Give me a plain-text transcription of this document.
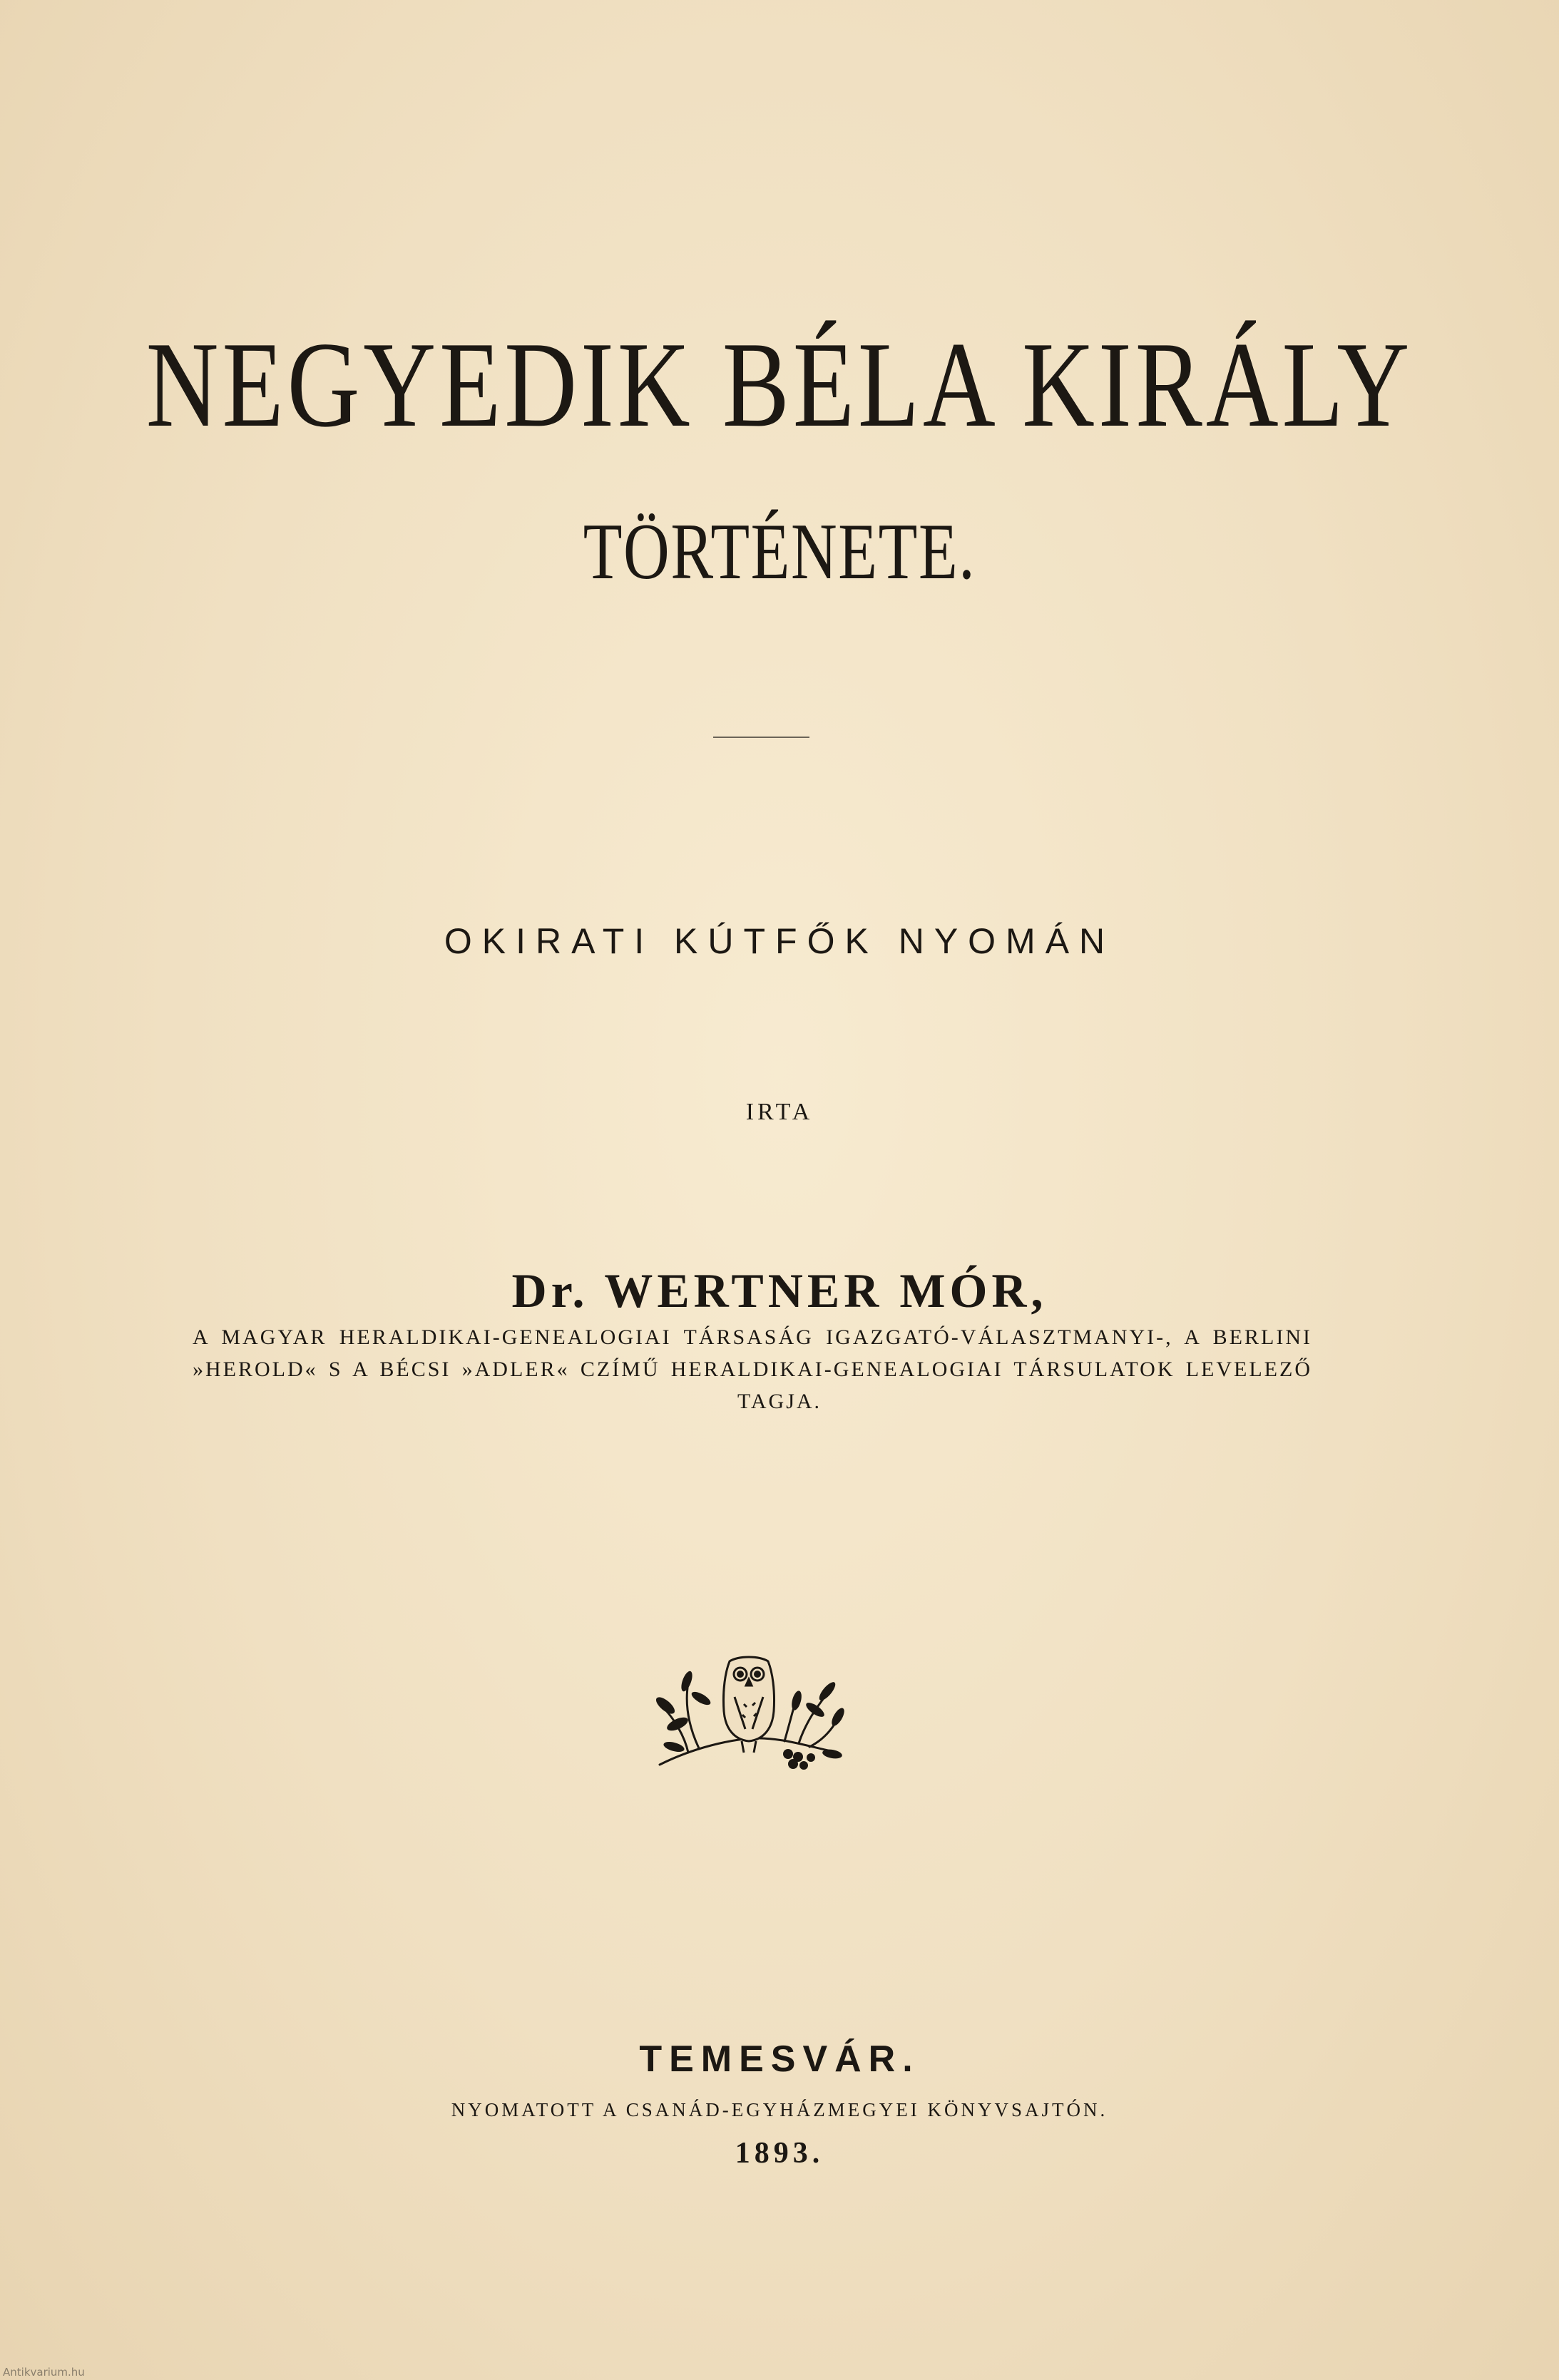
NEGYEDIK BÉLA KIRÁLY
TÖRTÉNETE.
OKIRATI KÚTFŐK NYOMÁN
IRTA
Dr. WERTNER MÓR,
A MAGYAR HERALDIKAI-GENEALOGIAI TÁRSASÁG IGAZGATÓ-VÁLASZTMANYI-, A BERLINI
»HEROLD« S A BÉCSI »ADLER« CZÍMŰ HERALDIKAI-GENEALOGIAI TÁRSULATOK LEVELEZŐ
TAGJA.
TEMESVÁR.
NYOMATOTT A CSANÁD-EGYHÁZMEGYEI KÖNYVSAJTÓN.
1893.
Antikvarium.hu
